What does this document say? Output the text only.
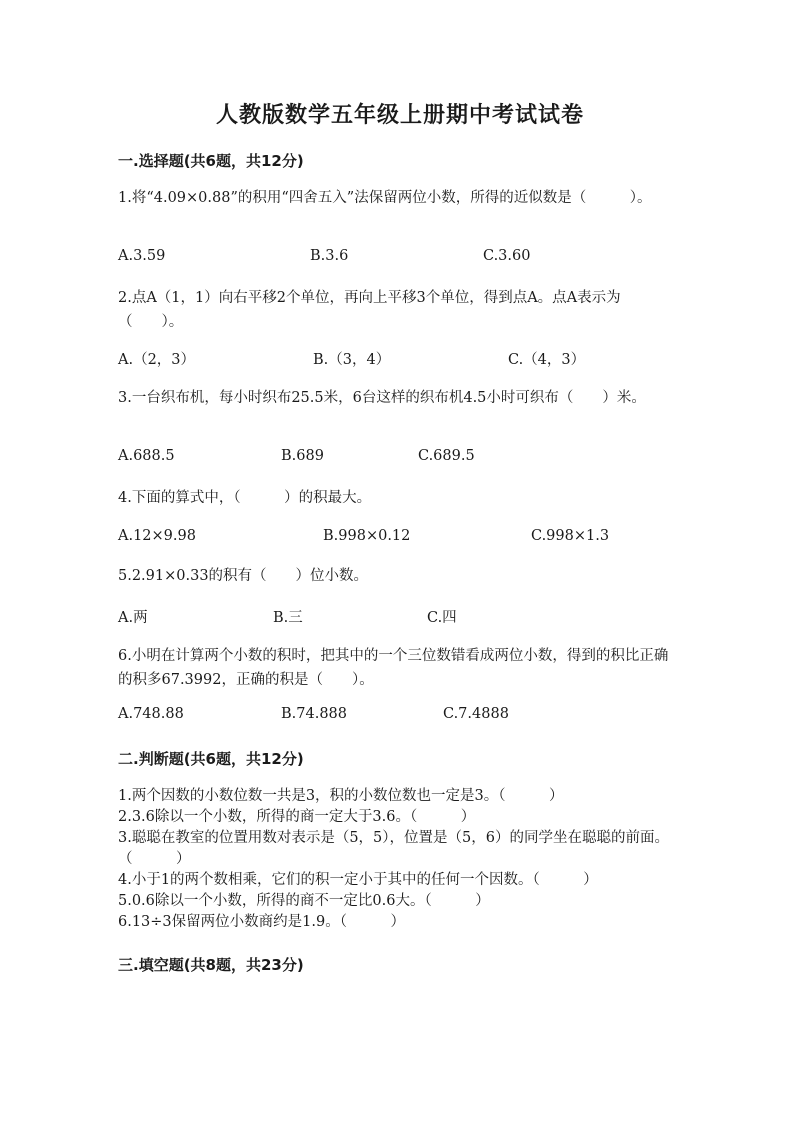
人教版数学五年级上册期中考试试卷
一.选择题(共6题，共12分)
1.将“4.09×0.88”的积用“四舍五入”法保留两位小数，所得的近似数是（　　　）。
A.3.59	B.3.6	C.3.60
2.点A（1，1）向右平移2个单位，再向上平移3个单位，得到点A。点A表示为（　　）。
A.（2，3）	B.（3，4）	C.（4，3）
3.一台织布机，每小时织布25.5米，6台这样的织布机4.5小时可织布（　　）米。
A.688.5	B.689	C.689.5
4.下面的算式中，（　　　）的积最大。
A.12×9.98	B.998×0.12	C.998×1.3
5.2.91×0.33的积有（　　）位小数。
A.两	B.三	C.四
6.小明在计算两个小数的积时，把其中的一个三位数错看成两位小数，得到的积比正确的积多67.3992，正确的积是（　　）。
A.748.88	B.74.888	C.7.4888
二.判断题(共6题，共12分)
1.两个因数的小数位数一共是3，积的小数位数也一定是3。（　　　）
2.3.6除以一个小数，所得的商一定大于3.6。（　　　）
3.聪聪在教室的位置用数对表示是（5，5），位置是（5，6）的同学坐在聪聪的前面。（　　　）
4.小于1的两个数相乘，它们的积一定小于其中的任何一个因数。（　　　）
5.0.6除以一个小数，所得的商不一定比0.6大。（　　　）
6.13÷3保留两位小数商约是1.9。（　　　）
三.填空题(共8题，共23分)
